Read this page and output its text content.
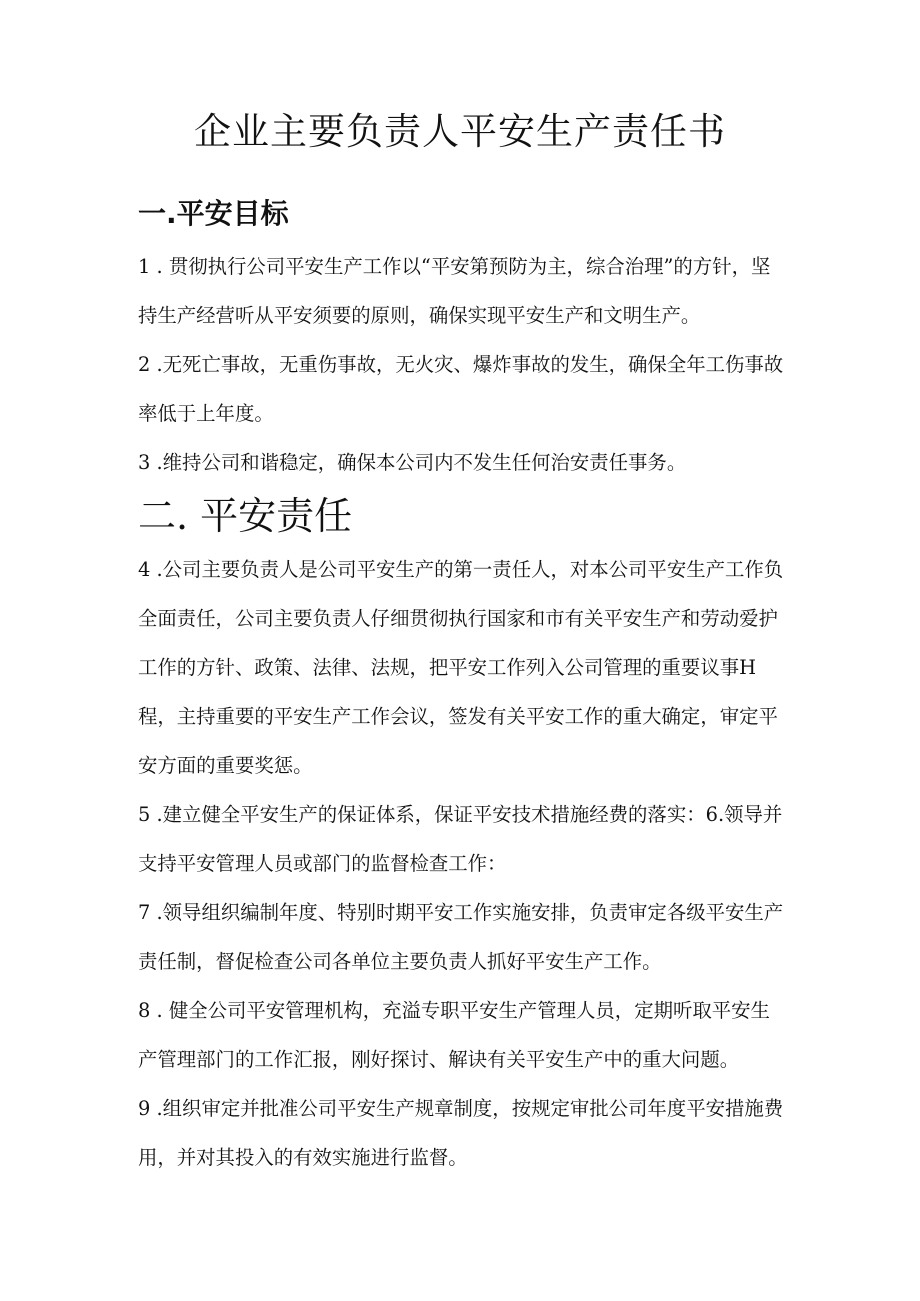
企业主要负责人平安生产责任书
一.平安目标
1 . 贯彻执行公司平安生产工作以“平安第预防为主，综合治理”的方针，坚持生产经营听从平安须要的原则，确保实现平安生产和文明生产。
2 .无死亡事故，无重伤事故，无火灾、爆炸事故的发生，确保全年工伤事故率低于上年度。
3 .维持公司和谐稳定，确保本公司内不发生任何治安责任事务。
二. 平安责任
4 .公司主要负责人是公司平安生产的第一责任人，对本公司平安生产工作负全面责任，公司主要负责人仔细贯彻执行国家和市有关平安生产和劳动爱护工作的方针、政策、法律、法规，把平安工作列入公司管理的重要议事H程，主持重要的平安生产工作会议，签发有关平安工作的重大确定，审定平安方面的重要奖惩。
5 .建立健全平安生产的保证体系，保证平安技术措施经费的落实：6.领导并支持平安管理人员或部门的监督检查工作：
7 .领导组织编制年度、特别时期平安工作实施安排，负责审定各级平安生产责任制，督促检查公司各单位主要负责人抓好平安生产工作。
8 . 健全公司平安管理机构，充溢专职平安生产管理人员，定期听取平安生产管理部门的工作汇报，刚好探讨、解诀有关平安生产中的重大问题。
9 .组织审定并批准公司平安生产规章制度，按规定审批公司年度平安措施费用，并对其投入的有效实施进行监督。
